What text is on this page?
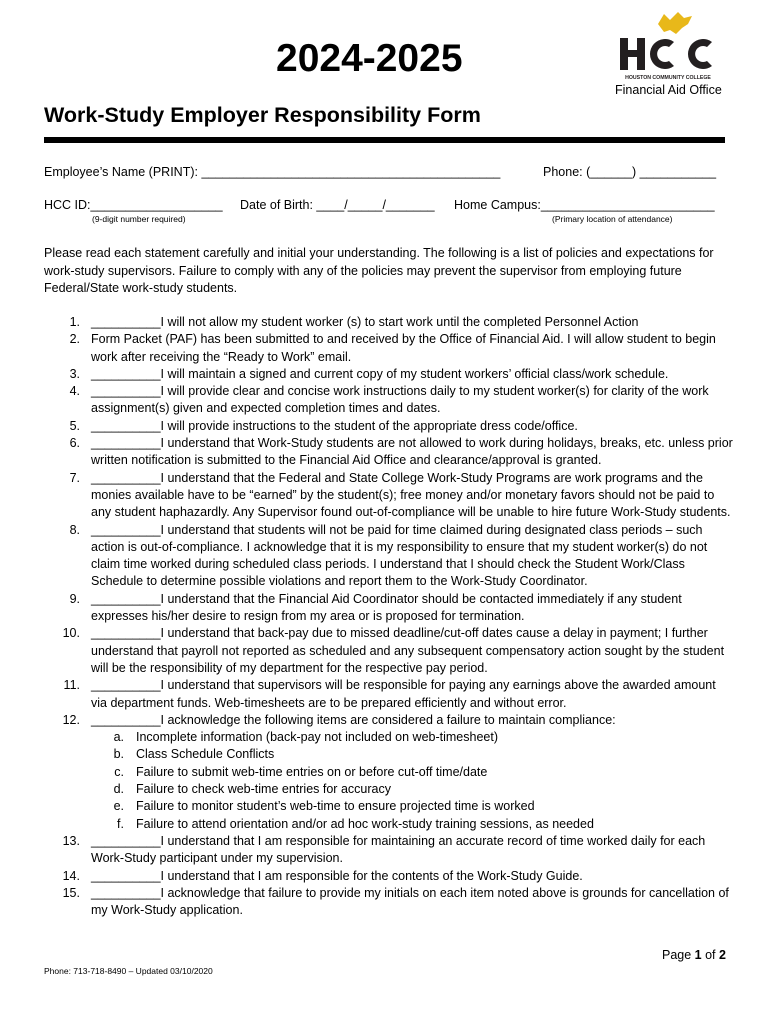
2024-2025	HOUSTON COMMUNITY COLLEGE
Financial Aid Office
Work-Study Employer Responsibility Form
Employee’s Name (PRINT): ___________________________________________	Phone: (______) ___________
HCC ID:___________________
(9-digit number required)
Date of Birth: ____/_____/_______ Home Campus:_________________________
(Primary location of attendance)

Please read each statement carefully and initial your understanding. The following is a list of policies and expectations for work-study supervisors. Failure to comply with any of the policies may prevent the supervisor from employing future Federal/State work-study students.

1. __________I will not allow my student worker (s) to start work until the completed Personnel Action
2. Form Packet (PAF) has been submitted to and received by the Office of Financial Aid. I will allow student to begin work after receiving the “Ready to Work” email.
3. __________I will maintain a signed and current copy of my student workers’ official class/work schedule.
4. __________I will provide clear and concise work instructions daily to my student worker(s) for clarity of the work assignment(s) given and expected completion times and dates.
5. __________I will provide instructions to the student of the appropriate dress code/office.
6. __________I understand that Work-Study students are not allowed to work during holidays, breaks, etc. unless prior written notification is submitted to the Financial Aid Office and clearance/approval is granted.
7. __________I understand that the Federal and State College Work-Study Programs are work programs and the monies available have to be “earned” by the student(s); free money and/or monetary favors should not be paid to any student haphazardly. Any Supervisor found out-of-compliance will be unable to hire future Work-Study students.
8. __________I understand that students will not be paid for time claimed during designated class periods – such action is out-of-compliance. I acknowledge that it is my responsibility to ensure that my student worker(s) do not claim time worked during scheduled class periods. I understand that I should check the Student Work/Class Schedule to determine possible violations and report them to the Work-Study Coordinator.
9. __________I understand that the Financial Aid Coordinator should be contacted immediately if any student expresses his/her desire to resign from my area or is proposed for termination.
10. __________I understand that back-pay due to missed deadline/cut-off dates cause a delay in payment; I further understand that payroll not reported as scheduled and any subsequent compensatory action sought by the student will be the responsibility of my department for the respective pay period.
11. __________I understand that supervisors will be responsible for paying any earnings above the awarded amount via department funds. Web-timesheets are to be prepared efficiently and without error.
12. __________I acknowledge the following items are considered a failure to maintain compliance:
a. Incomplete information (back-pay not included on web-timesheet)
b. Class Schedule Conflicts
c. Failure to submit web-time entries on or before cut-off time/date
d. Failure to check web-time entries for accuracy
e. Failure to monitor student’s web-time to ensure projected time is worked
f. Failure to attend orientation and/or ad hoc work-study training sessions, as needed
13. __________I understand that I am responsible for maintaining an accurate record of time worked daily for each Work-Study participant under my supervision.
14. __________I understand that I am responsible for the contents of the Work-Study Guide.
15. __________I acknowledge that failure to provide my initials on each item noted above is grounds for cancellation of my Work-Study application.
Page 1 of 2
Phone: 713-718-8490 – Updated 03/10/2020
